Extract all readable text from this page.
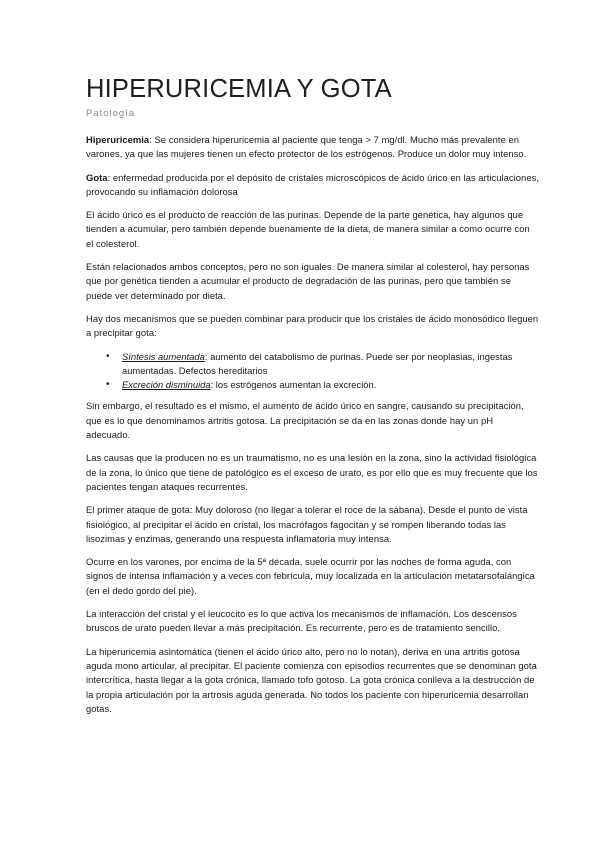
HIPERURICEMIA Y GOTA
Patología

Hiperuricemia: Se considera hiperuricemia al paciente que tenga > 7 mg/dl. Mucho más prevalente en varones, ya que las mujeres tienen un efecto protector de los estrógenos. Produce un dolor muy intenso.

Gota: enfermedad producida por el depósito de cristales microscópicos de ácido úrico en las articulaciones, provocando su inflamación dolorosa

El ácido úrico es el producto de reacción de las purinas. Depende de la parte genética, hay algunos que tienden a acumular, pero también depende buenamente de la dieta, de manera similar a como ocurre con el colesterol.

Están relacionados ambos conceptos, pero no son iguales. De manera similar al colesterol, hay personas que por genética tienden a acumular el producto de degradación de las purinas, pero que también se puede ver determinado por dieta.

Hay dos mecanismos que se pueden combinar para producir que los cristales de ácido monosódico lleguen a precipitar gota:

• Síntesis aumentada: aumento del catabolismo de purinas. Puede ser por neoplasias, ingestas aumentadas. Defectos hereditarios
• Excreción disminuida: los estrógenos aumentan la excreción.

Sin embargo, el resultado es el mismo, el aumento de ácido úrico en sangre, causando su precipitación, que es lo que denominamos artritis gotosa. La precipitación se da en las zonas donde hay un pH adecuado.

Las causas que la producen no es un traumatismo, no es una lesión en la zona, sino la actividad fisiológica de la zona, lo único que tiene de patológico es el exceso de urato, es por ello que es muy frecuente que los pacientes tengan ataques recurrentes.

El primer ataque de gota: Muy doloroso (no llegar a tolerar el roce de la sábana). Desde el punto de vista fisiológico, al precipitar el ácido en cristal, los macrófagos fagocitan y se rompen liberando todas las lisozimas y enzimas, generando una respuesta inflamatoria muy intensa.

Ocurre en los varones, por encima de la 5ª década, suele ocurrir por las noches de forma aguda, con signos de intensa inflamación y a veces con febrícula, muy localizada en la articulación metatarsofalángica (en el dedo gordo del pie).

La interacción del cristal y el leucocito es lo que activa los mecanismos de inflamación. Los descensos bruscos de urato pueden llevar a más precipitación. Es recurrente, pero es de tratamiento sencillo.

La hiperuricemia asintomática (tienen el ácido úrico alto, pero no lo notan), deriva en una artritis gotosa aguda mono articular, al precipitar. El paciente comienza con episodios recurrentes que se denominan gota intercrítica, hasta llegar a la gota crónica, llamado tofo gotoso. La gota crónica conlleva a la destrucción de la propia articulación por la artrosis aguda generada. No todos los paciente con hiperuricemia desarrollan gotas.
